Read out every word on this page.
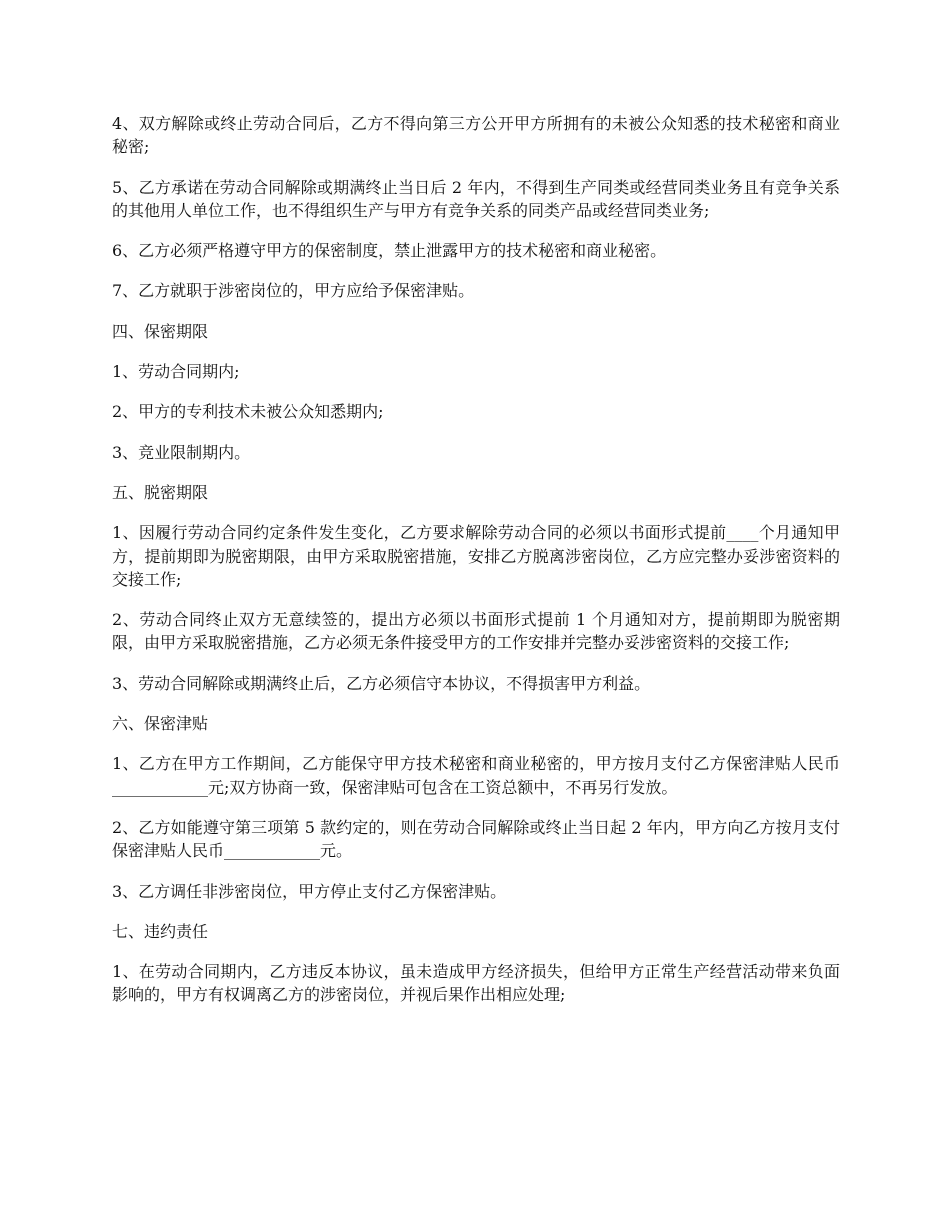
4、双方解除或终止劳动合同后，乙方不得向第三方公开甲方所拥有的未被公众知悉的技术秘密和商业秘密;

5、乙方承诺在劳动合同解除或期满终止当日后 2 年内，不得到生产同类或经营同类业务且有竞争关系的其他用人单位工作，也不得组织生产与甲方有竞争关系的同类产品或经营同类业务;

6、乙方必须严格遵守甲方的保密制度，禁止泄露甲方的技术秘密和商业秘密。

7、乙方就职于涉密岗位的，甲方应给予保密津贴。

四、保密期限

1、劳动合同期内;

2、甲方的专利技术未被公众知悉期内;

3、竞业限制期内。

五、脱密期限

1、因履行劳动合同约定条件发生变化，乙方要求解除劳动合同的必须以书面形式提前____个月通知甲方，提前期即为脱密期限，由甲方采取脱密措施，安排乙方脱离涉密岗位，乙方应完整办妥涉密资料的交接工作;

2、劳动合同终止双方无意续签的，提出方必须以书面形式提前 1 个月通知对方，提前期即为脱密期限，由甲方采取脱密措施，乙方必须无条件接受甲方的工作安排并完整办妥涉密资料的交接工作;

3、劳动合同解除或期满终止后，乙方必须信守本协议，不得损害甲方利益。

六、保密津贴

1、乙方在甲方工作期间，乙方能保守甲方技术秘密和商业秘密的，甲方按月支付乙方保密津贴人民币____________元;双方协商一致，保密津贴可包含在工资总额中，不再另行发放。

2、乙方如能遵守第三项第 5 款约定的，则在劳动合同解除或终止当日起 2 年内，甲方向乙方按月支付保密津贴人民币____________元。

3、乙方调任非涉密岗位，甲方停止支付乙方保密津贴。

七、违约责任

1、在劳动合同期内，乙方违反本协议，虽未造成甲方经济损失，但给甲方正常生产经营活动带来负面影响的，甲方有权调离乙方的涉密岗位，并视后果作出相应处理;
